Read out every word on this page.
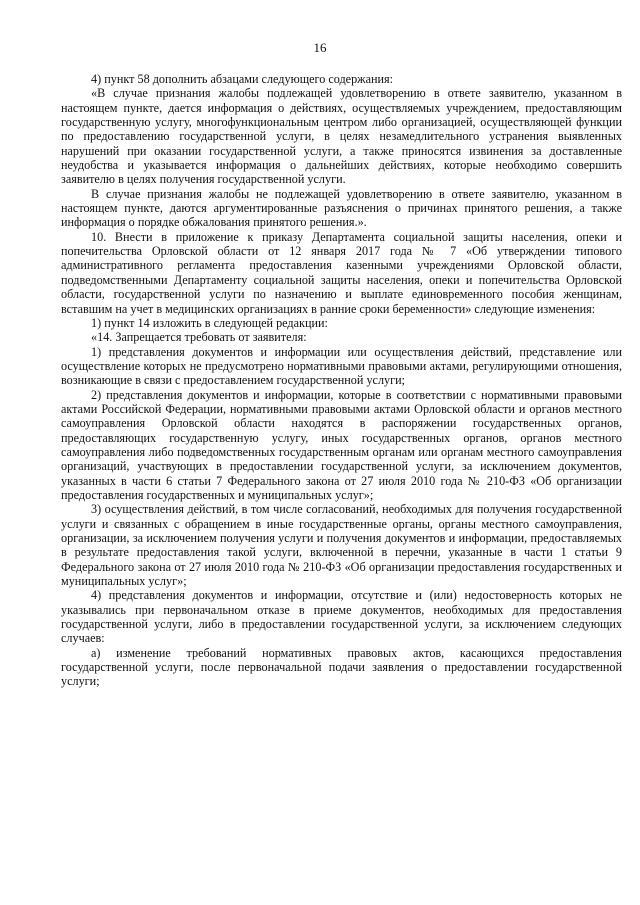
16

4) пункт 58 дополнить абзацами следующего содержания:

«В случае признания жалобы подлежащей удовлетворению в ответе заявителю, указанном в настоящем пункте, дается информация о действиях, осуществляемых учреждением, предоставляющим государственную услугу, многофункциональным центром либо организацией, осуществляющей функции по предоставлению государственной услуги, в целях незамедлительного устранения выявленных нарушений при оказании государственной услуги, а также приносятся извинения за доставленные неудобства и указывается информация о дальнейших действиях, которые необходимо совершить заявителю в целях получения государственной услуги.

В случае признания жалобы не подлежащей удовлетворению в ответе заявителю, указанном в настоящем пункте, даются аргументированные разъяснения о причинах принятого решения, а также информация о порядке обжалования принятого решения.».

10. Внести в приложение к приказу Департамента социальной защиты населения, опеки и попечительства Орловской области от 12 января 2017 года № 7 «Об утверждении типового административного регламента предоставления казенными учреждениями Орловской области, подведомственными Департаменту социальной защиты населения, опеки и попечительства Орловской области, государственной услуги по назначению и выплате единовременного пособия женщинам, вставшим на учет в медицинских организациях в ранние сроки беременности» следующие изменения:

1) пункт 14 изложить в следующей редакции:

«14. Запрещается требовать от заявителя:

1) представления документов и информации или осуществления действий, представление или осуществление которых не предусмотрено нормативными правовыми актами, регулирующими отношения, возникающие в связи с предоставлением государственной услуги;

2) представления документов и информации, которые в соответствии с нормативными правовыми актами Российской Федерации, нормативными правовыми актами Орловской области и органов местного самоуправления Орловской области находятся в распоряжении государственных органов, предоставляющих государственную услугу, иных государственных органов, органов местного самоуправления либо подведомственных государственным органам или органам местного самоуправления организаций, участвующих в предоставлении государственной услуги, за исключением документов, указанных в части 6 статьи 7 Федерального закона от 27 июля 2010 года № 210-ФЗ «Об организации предоставления государственных и муниципальных услуг»;

3) осуществления действий, в том числе согласований, необходимых для получения государственной услуги и связанных с обращением в иные государственные органы, органы местного самоуправления, организации, за исключением получения услуги и получения документов и информации, предоставляемых в результате предоставления такой услуги, включенной в перечни, указанные в части 1 статьи 9 Федерального закона от 27 июля 2010 года № 210-ФЗ «Об организации предоставления государственных и муниципальных услуг»;

4) представления документов и информации, отсутствие и (или) недостоверность которых не указывались при первоначальном отказе в приеме документов, необходимых для предоставления государственной услуги, либо в предоставлении государственной услуги, за исключением следующих случаев:

а) изменение требований нормативных правовых актов, касающихся предоставления государственной услуги, после первоначальной подачи заявления о предоставлении государственной услуги;
